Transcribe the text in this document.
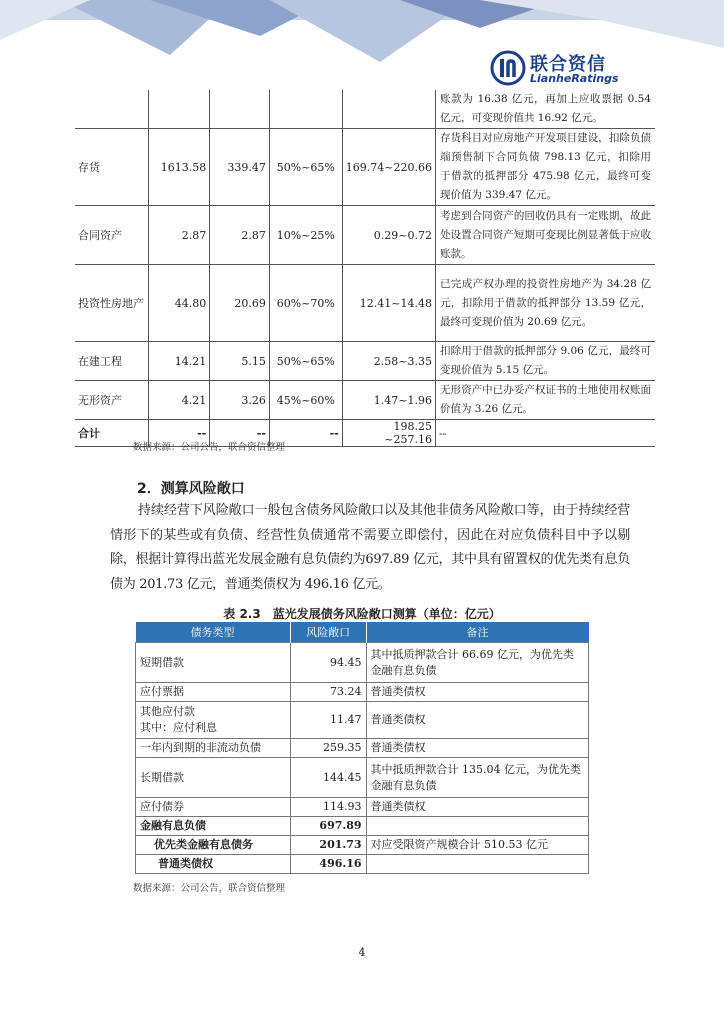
联合资信
LianheRatings
					账款为 16.38 亿元，再加上应收票据 0.54 亿元，可变现价值共 16.92 亿元。
存货	1613.58	339.47	50%~65%	169.74~220.66	存货科目对应房地产开发项目建设，扣除负债端预售制下合同负债 798.13 亿元，扣除用于借款的抵押部分 475.98 亿元，最终可变现价值为 339.47 亿元。
合同资产	2.87	2.87	10%~25%	0.29~0.72	考虑到合同资产的回收仍具有一定账期，故此处设置合同资产短期可变现比例显著低于应收账款。
投资性房地产	44.80	20.69	60%~70%	12.41~14.48	已完成产权办理的投资性房地产为 34.28 亿元，扣除用于借款的抵押部分 13.59 亿元，最终可变现价值为 20.69 亿元。
在建工程	14.21	5.15	50%~65%	2.58~3.35	扣除用于借款的抵押部分 9.06 亿元，最终可变现价值为 5.15 亿元。
无形资产	4.21	3.26	45%~60%	1.47~1.96	无形资产中已办妥产权证书的土地使用权账面价值为 3.26 亿元。
合计	--	--	--	198.25 ~257.16	--
数据来源：公司公告，联合资信整理
2．测算风险敞口

持续经营下风险敞口一般包含债务风险敞口以及其他非债务风险敞口等，由于持续经营情形下的某些或有负债、经营性负债通常不需要立即偿付，因此在对应负债科目中予以剔除，根据计算得出蓝光发展金融有息负债约为697.89 亿元，其中具有留置权的优先类有息负债为 201.73 亿元，普通类债权为 496.16 亿元。

表 2.3　蓝光发展债务风险敞口测算（单位：亿元）
债务类型	风险敞口	备注
短期借款	94.45	其中抵质押款合计 66.69 亿元，为优先类金融有息负债
应付票据	73.24	普通类债权

其他应付款
其中：应付利息	11.47	普通类债权
一年内到期的非流动负债	259.35	普通类债权
长期借款	144.45	其中抵质押款合计 135.04 亿元，为优先类金融有息负债
应付债券	114.93	普通类债权
金融有息负债	697.89	
优先类金融有息债务	201.73	对应受限资产规模合计 510.53 亿元
普通类债权	496.16	
数据来源：公司公告，联合资信整理
4
